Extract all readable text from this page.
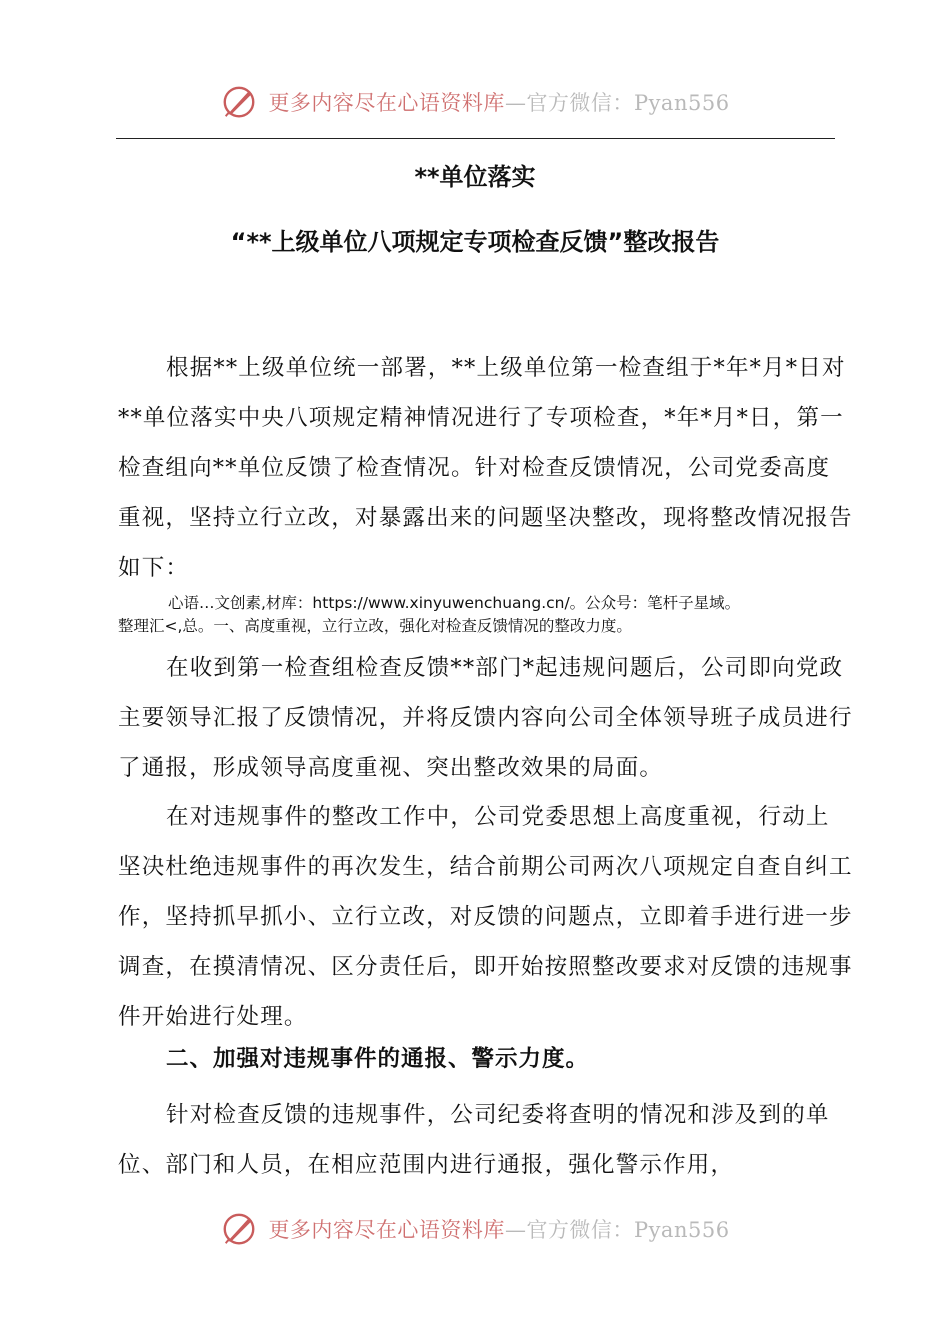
更多内容尽在心语资料库—官方微信：Pyan556
**单位落实
“**上级单位八项规定专项检查反馈”整改报告

根据**上级单位统一部署，**上级单位第一检查组于*年*月*日对**单位落实中央八项规定精神情况进行了专项检查，*年*月*日，第一检查组向**单位反馈了检查情况。针对检查反馈情况，公司党委高度重视，坚持立行立改，对暴露出来的问题坚决整改，现将整改情况报告如下：

心语…文创素,材库：https://www.xinyuwenchuang.cn/。公众号：笔杆子星域。
整理汇<,总。一、高度重视，立行立改，强化对检查反馈情况的整改力度。

在收到第一检查组检查反馈**部门*起违规问题后，公司即向党政主要领导汇报了反馈情况，并将反馈内容向公司全体领导班子成员进行了通报，形成领导高度重视、突出整改效果的局面。

在对违规事件的整改工作中，公司党委思想上高度重视，行动上坚决杜绝违规事件的再次发生，结合前期公司两次八项规定自查自纠工作，坚持抓早抓小、立行立改，对反馈的问题点，立即着手进行进一步调查，在摸清情况、区分责任后，即开始按照整改要求对反馈的违规事件开始进行处理。

二、加强对违规事件的通报、警示力度。

针对检查反馈的违规事件，公司纪委将查明的情况和涉及到的单位、部门和人员，在相应范围内进行通报，强化警示作用，

更多内容尽在心语资料库—官方微信：Pyan556
